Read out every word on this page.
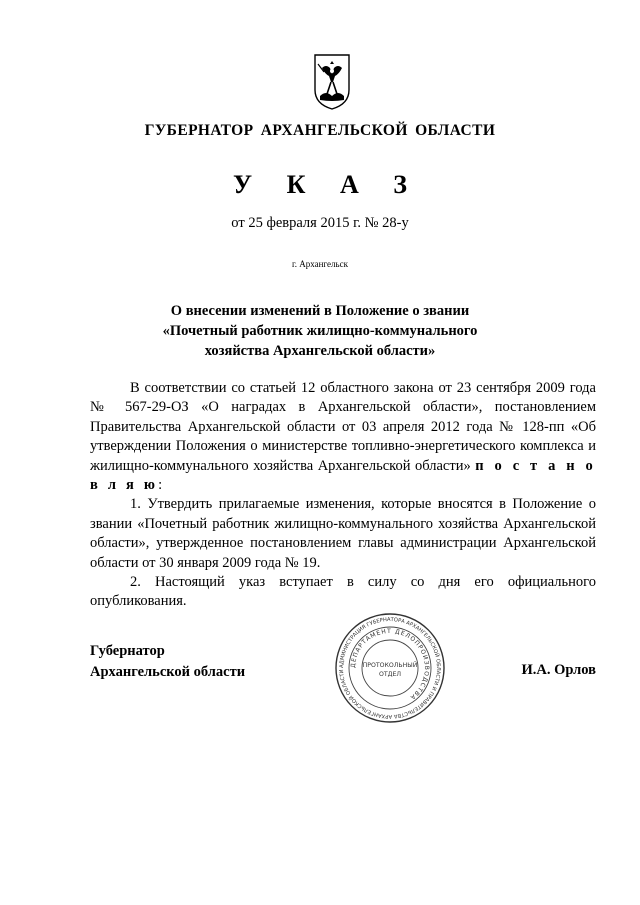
ГУБЕРНАТОР АРХАНГЕЛЬСКОЙ ОБЛАСТИ
У К А З
от 25 февраля 2015 г. № 28-у
г. Архангельск
О внесении изменений в Положение о звании
«Почетный работник жилищно-коммунального
хозяйства Архангельской области»

В соответствии со статьей 12 областного закона от 23 сентября 2009 года № 567-29-ОЗ «О наградах в Архангельской области», постановлением Правительства Архангельской области от 03 апреля 2012 года № 128-пп «Об утверждении Положения о министерстве топливно-энергетического комплекса и жилищно-коммунального хозяйства Архангельской области» п о с т а н о в л я ю:

1. Утвердить прилагаемые изменения, которые вносятся в Положение о звании «Почетный работник жилищно-коммунального хозяйства Архангельской области», утвержденное постановлением главы администрации Архангельской области от 30 января 2009 года № 19.

2. Настоящий указ вступает в силу со дня его официального опубликования.

Губернатор
Архангельской области	И.А. Орлов
АДМИНИСТРАЦИЯ ГУБЕРНАТОРА АРХАНГЕЛЬСКОЙ ОБЛАСТИ И ПРАВИТЕЛЬСТВА АРХАНГЕЛЬСКОЙ ОБЛАСТИ
ДЕПАРТАМЕНТ ДЕЛОПРОИЗВОДСТВА
ПРОТОКОЛЬНЫЙ
ОТДЕЛ
